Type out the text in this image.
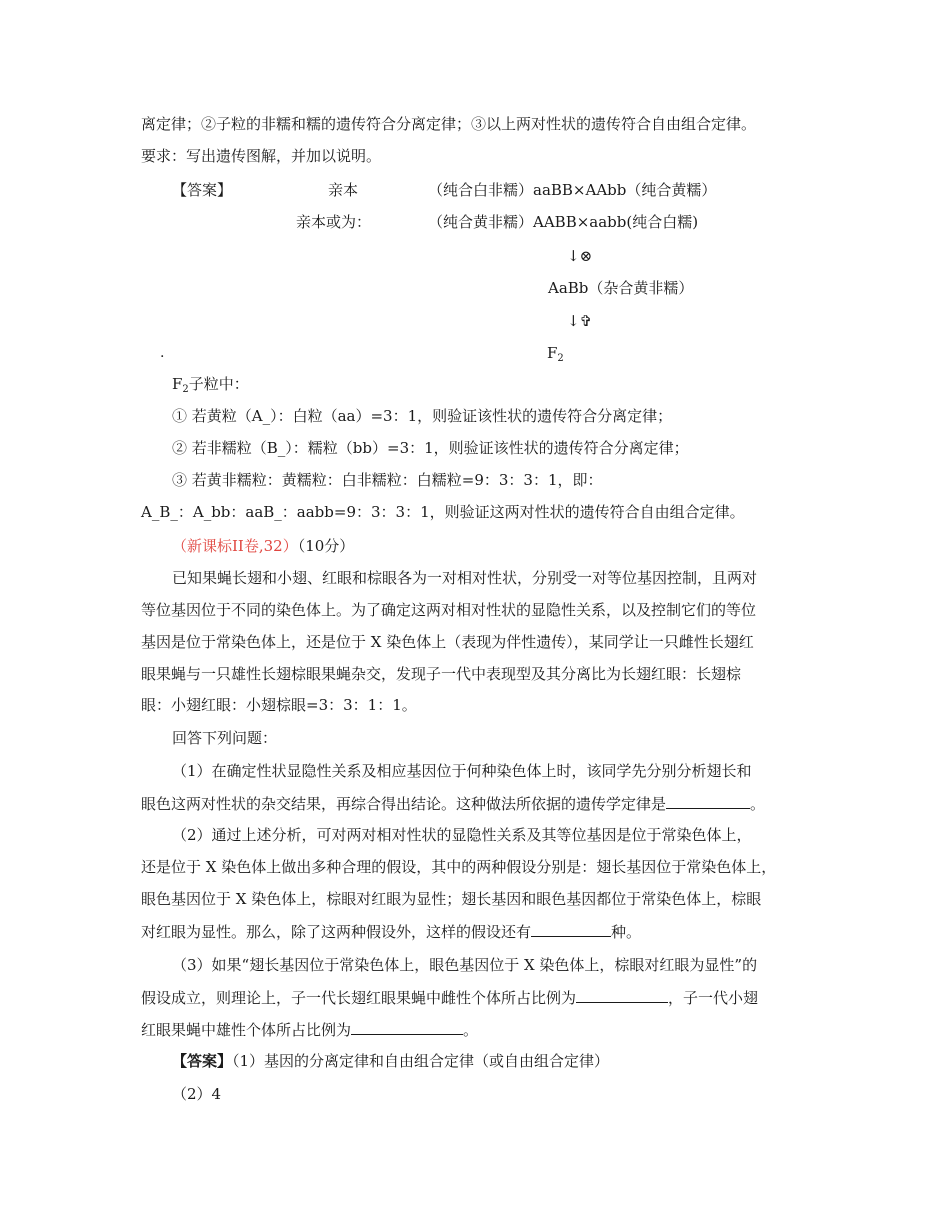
离定律；②子粒的非糯和糯的遗传符合分离定律；③以上两对性状的遗传符合自由组合定律。
要求：写出遗传图解，并加以说明。
【答案】	亲本	（纯合白非糯）aaBB×AAbb（纯合黄糯）
亲本或为：	（纯合黄非糯）AABB×aabb(纯合白糯)
↓⊗
AaBb（杂合黄非糯）
↓✞
.	$F_2$
$F_2$子粒中：
① 若黄粒（A_）：白粒（aa）=3：1，则验证该性状的遗传符合分离定律；
② 若非糯粒（B_）：糯粒（bb）=3：1，则验证该性状的遗传符合分离定律；
③ 若黄非糯粒：黄糯粒：白非糯粒：白糯粒=9：3：3：1，即：
A_B_：A_bb：aaB_：aabb=9：3：3：1，则验证这两对性状的遗传符合自由组合定律。
（新课标II卷,32）（10分）
已知果蝇长翅和小翅、红眼和棕眼各为一对相对性状，分别受一对等位基因控制，且两对
等位基因位于不同的染色体上。为了确定这两对相对性状的显隐性关系，以及控制它们的等位
基因是位于常染色体上，还是位于 X 染色体上（表现为伴性遗传），某同学让一只雌性长翅红
眼果蝇与一只雄性长翅棕眼果蝇杂交，发现子一代中表现型及其分离比为长翅红眼：长翅棕
眼：小翅红眼：小翅棕眼=3：3：1：1。
回答下列问题：
（1）在确定性状显隐性关系及相应基因位于何种染色体上时，该同学先分别分析翅长和
眼色这两对性状的杂交结果，再综合得出结论。这种做法所依据的遗传学定律是	。
（2）通过上述分析，可对两对相对性状的显隐性关系及其等位基因是位于常染色体上，
还是位于 X 染色体上做出多种合理的假设，其中的两种假设分别是：翅长基因位于常染色体上，
眼色基因位于 X 染色体上，棕眼对红眼为显性；翅长基因和眼色基因都位于常染色体上，棕眼
对红眼为显性。那么，除了这两种假设外，这样的假设还有	种。
（3）如果“翅长基因位于常染色体上，眼色基因位于 X 染色体上，棕眼对红眼为显性”的
假设成立，则理论上，子一代长翅红眼果蝇中雌性个体所占比例为	，子一代小翅
红眼果蝇中雄性个体所占比例为	。
【答案】（1）基因的分离定律和自由组合定律（或自由组合定律）
（2）4
